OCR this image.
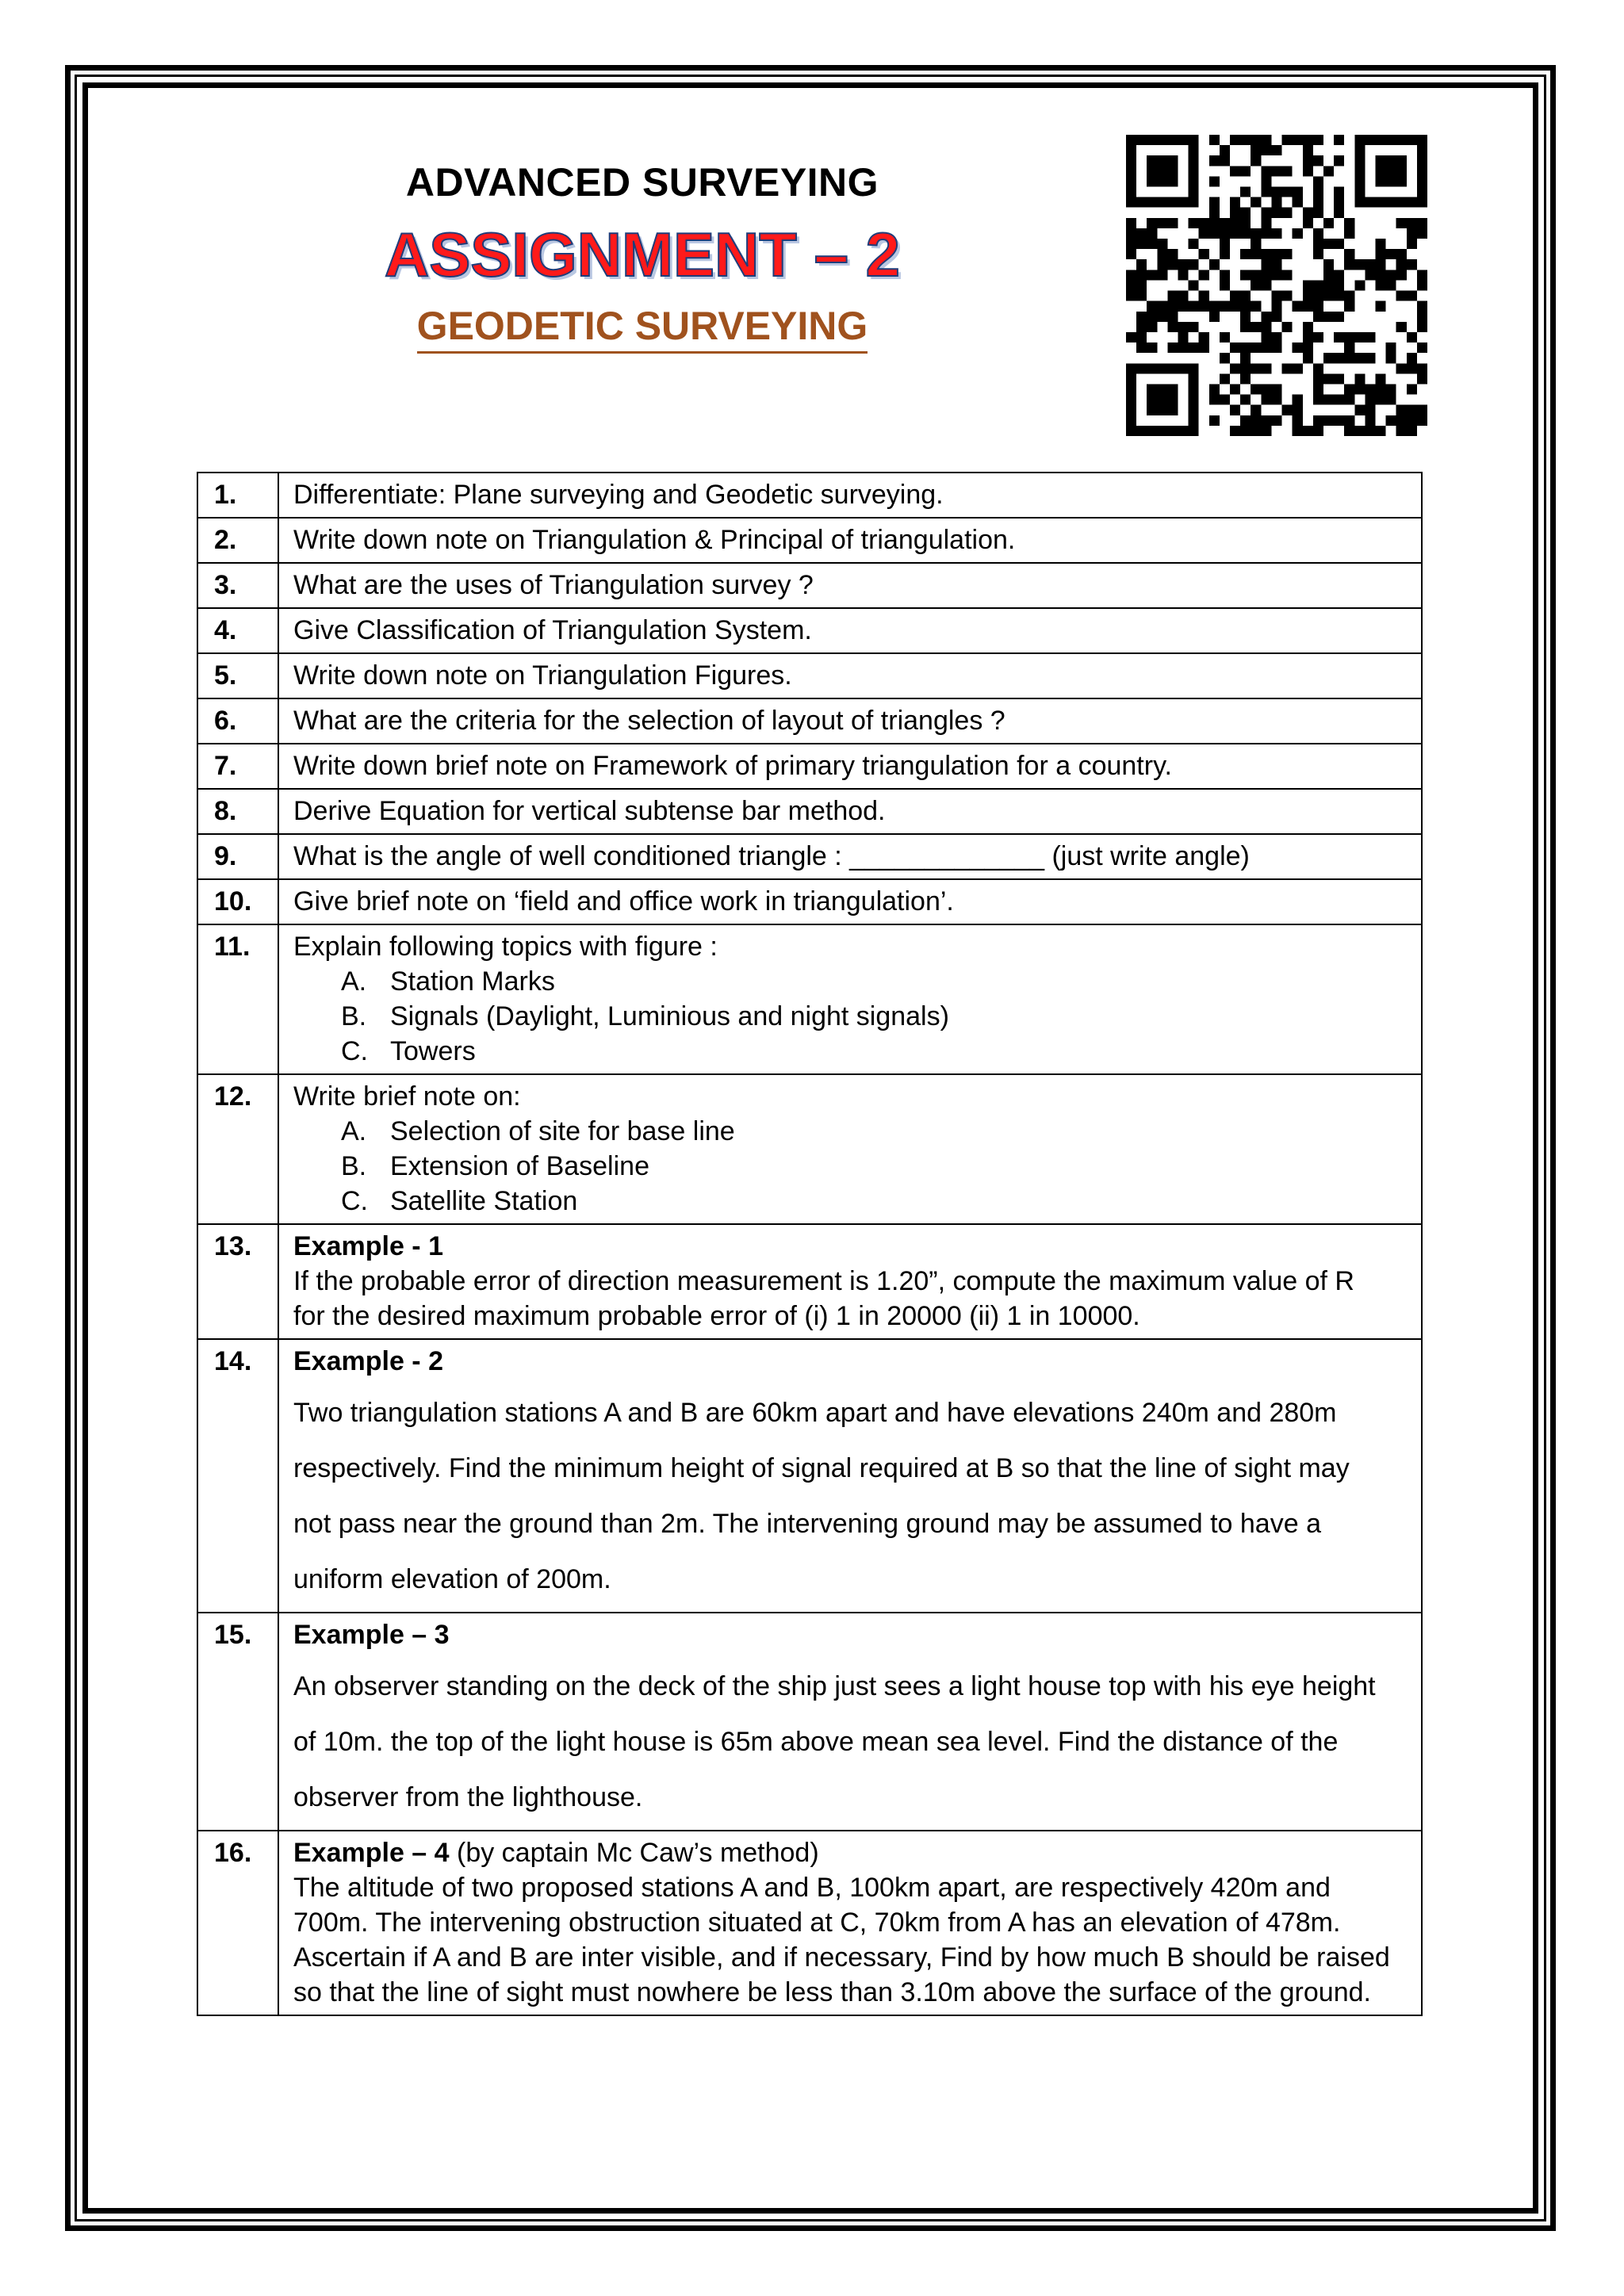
ADVANCED SURVEYING
ASSIGNMENT – 2
GEODETIC SURVEYING
1.	Differentiate: Plane surveying and Geodetic surveying.

2.	Write down note on Triangulation & Principal of triangulation.

3.	What are the uses of Triangulation survey ?

4.	Give Classification of Triangulation System.

5.	Write down note on Triangulation Figures.

6.	What are the criteria for the selection of layout of triangles ?

7.	Write down brief note on Framework of primary triangulation for a country.

8.	Derive Equation for vertical subtense bar method.

9.	What is the angle of well conditioned triangle : _____________ (just write angle)

10.	Give brief note on ‘field and office work in triangulation’.

11.	Explain following topics with figure :
A. Station Marks
B. Signals (Daylight, Luminious and night signals)
C. Towers

12.	Write brief note on:
A. Selection of site for base line
B. Extension of Baseline
C. Satellite Station

13.	Example - 1
If the probable error of direction measurement is 1.20”, compute the maximum value of R
for the desired maximum probable error of (i) 1 in 20000 (ii) 1 in 10000.

14.	Example - 2

Two triangulation stations A and B are 60km apart and have elevations 240m and 280m

respectively. Find the minimum height of signal required at B so that the line of sight may

not pass near the ground than 2m. The intervening ground may be assumed to have a

uniform elevation of 200m.

15.	Example – 3

An observer standing on the deck of the ship just sees a light house top with his eye height

of 10m. the top of the light house is 65m above mean sea level. Find the distance of the

observer from the lighthouse.

16.	Example – 4 (by captain Mc Caw’s method)
The altitude of two proposed stations A and B, 100km apart, are respectively 420m and
700m. The intervening obstruction situated at C, 70km from A has an elevation of 478m.
Ascertain if A and B are inter visible, and if necessary, Find by how much B should be raised
so that the line of sight must nowhere be less than 3.10m above the surface of the ground.
